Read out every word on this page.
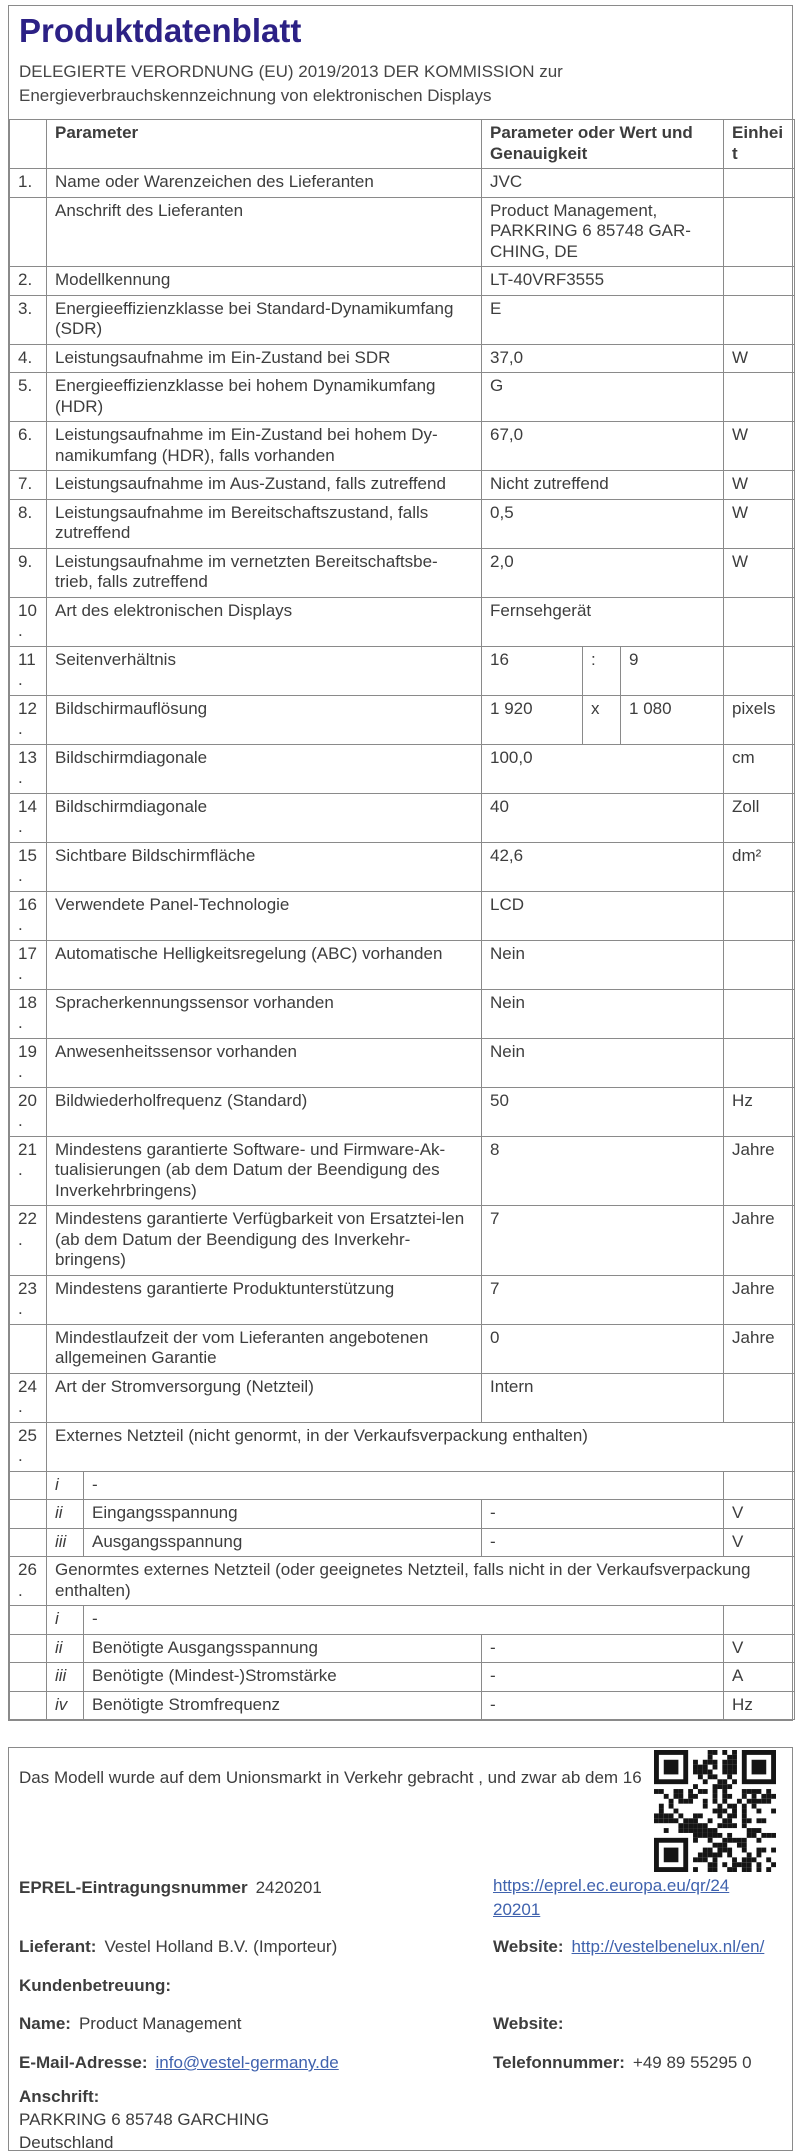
Produktdatenblatt
DELEGIERTE VERORDNUNG (EU) 2019/2013 DER KOMMISSION zur
Energieverbrauchskennzeichnung von elektronischen Displays
	Parameter		Parameter oder Wert und Genauigkeit			Einheit
1.	Name oder Warenzeichen des Lieferanten		JVC			
	Anschrift des Lieferanten		Product Management, PARKRING 6 85748 GAR-CHING, DE			
2.	Modellkennung		LT-40VRF3555			
3.	Energieeffizienzklasse bei Standard-Dynamikumfang (SDR)		E			
4.	Leistungsaufnahme im Ein-Zustand bei SDR		37,0			W
5.	Energieeffizienzklasse bei hohem Dynamikumfang (HDR)		G			
6.	Leistungsaufnahme im Ein-Zustand bei hohem Dy-namikumfang (HDR), falls vorhanden		67,0			W
7.	Leistungsaufnahme im Aus-Zustand, falls zutreffend		Nicht zutreffend			W
8.	Leistungsaufnahme im Bereitschaftszustand, falls zutreffend		0,5			W
9.	Leistungsaufnahme im vernetzten Bereitschaftsbe-trieb, falls zutreffend		2,0			W
10.	Art des elektronischen Displays		Fernsehgerät			
11.	Seitenverhältnis		16	:	9	
12.	Bildschirmauflösung		1 920	x	1 080	pixels
13.	Bildschirmdiagonale		100,0			cm
14.	Bildschirmdiagonale		40			Zoll
15.	Sichtbare Bildschirmfläche		42,6			dm²
16.	Verwendete Panel-Technologie		LCD			
17.	Automatische Helligkeitsregelung (ABC) vorhanden		Nein			
18.	Spracherkennungssensor vorhanden		Nein			
19.	Anwesenheitssensor vorhanden		Nein			
20.	Bildwiederholfrequenz (Standard)		50			Hz
21.	Mindestens garantierte Software- und Firmware-Ak-tualisierungen (ab dem Datum der Beendigung des Inverkehrbringens)		8			Jahre
22.	Mindestens garantierte Verfügbarkeit von Ersatztei-len (ab dem Datum der Beendigung des Inverkehr-bringens)		7			Jahre
23.	Mindestens garantierte Produktunterstützung		7			Jahre
	Mindestlaufzeit der vom Lieferanten angebotenen allgemeinen Garantie		0			Jahre
24.	Art der Stromversorgung (Netzteil)		Intern			
25.	Externes Netzteil (nicht genormt, in der Verkaufsverpackung enthalten)					
	i	-				
	ii	Eingangsspannung	-			V
	iii	Ausgangsspannung	-			V
26.	Genormtes externes Netzteil (oder geeignetes Netzteil, falls nicht in der Verkaufsverpackung enthalten)					
	i	-				
	ii	Benötigte Ausgangsspannung	-			V
	iii	Benötigte (Mindest-)Stromstärke	-			A
	iv	Benötigte Stromfrequenz	-			Hz
Das Modell wurde auf dem Unionsmarkt in Verkehr gebracht , und zwar ab dem 16
EPREL-Eintragungsnummer 2420201	https://eprel.ec.europa.eu/qr/24
20201
Lieferant: Vestel Holland B.V. (Importeur)	Website: http://vestelbenelux.nl/en/
Kundenbetreuung:
Name: Product Management	Website:
E-Mail-Adresse: info@vestel-germany.de	Telefonnummer: +49 89 55295 0
Anschrift:
PARKRING 6 85748 GARCHING
Deutschland
